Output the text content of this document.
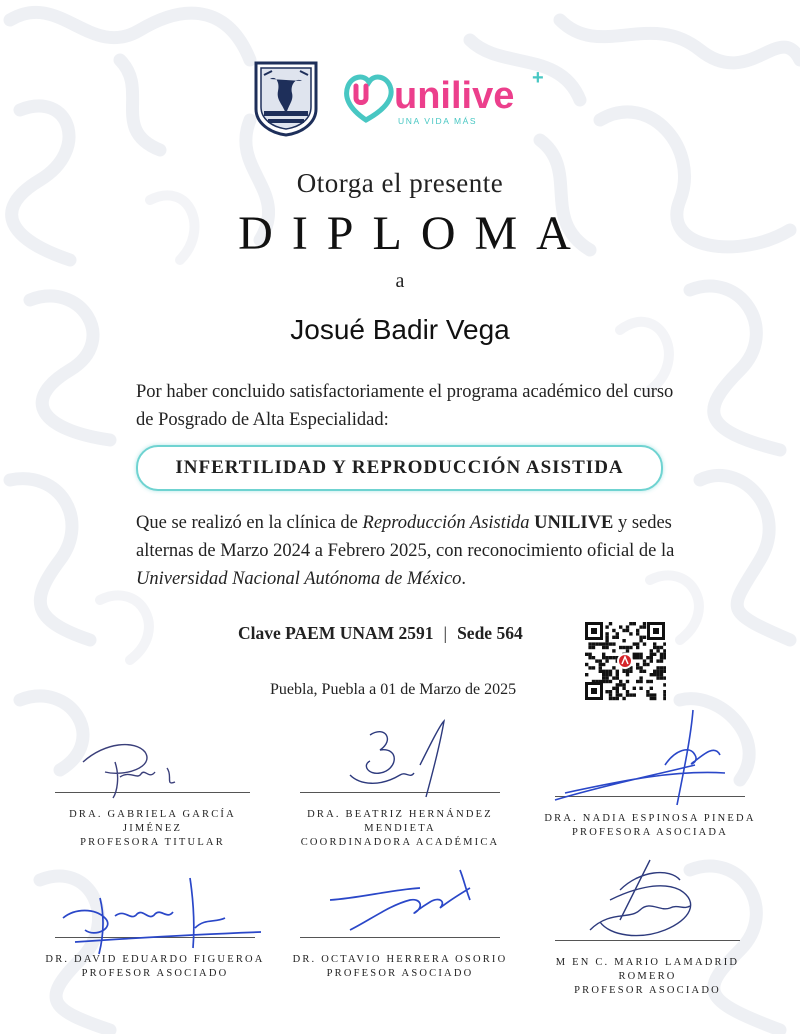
unilive +
UNA VIDA MÁS
Otorga el presente
DIPLOMA
a
Josué Badir Vega
Por haber concluido satisfactoriamente el programa académico del curso de Posgrado de Alta Especialidad:
INFERTILIDAD Y REPRODUCCIÓN ASISTIDA
Que se realizó en la clínica de Reproducción Asistida UNILIVE y sedes alternas de Marzo 2024 a Febrero 2025, con reconocimiento oficial de la Universidad Nacional Autónoma de México.
Clave PAEM UNAM 2591 | Sede 564
Puebla, Puebla a 01 de Marzo de 2025
DRA. GABRIELA GARCÍA JIMÉNEZ
PROFESORA TITULAR
DRA. BEATRIZ HERNÁNDEZ MENDIETA
COORDINADORA ACADÉMICA
DRA. NADIA ESPINOSA PINEDA
PROFESORA ASOCIADA
DR. DAVID EDUARDO FIGUEROA
PROFESOR ASOCIADO
DR. OCTAVIO HERRERA OSORIO
PROFESOR ASOCIADO
M EN C. MARIO LAMADRID ROMERO
PROFESOR ASOCIADO
